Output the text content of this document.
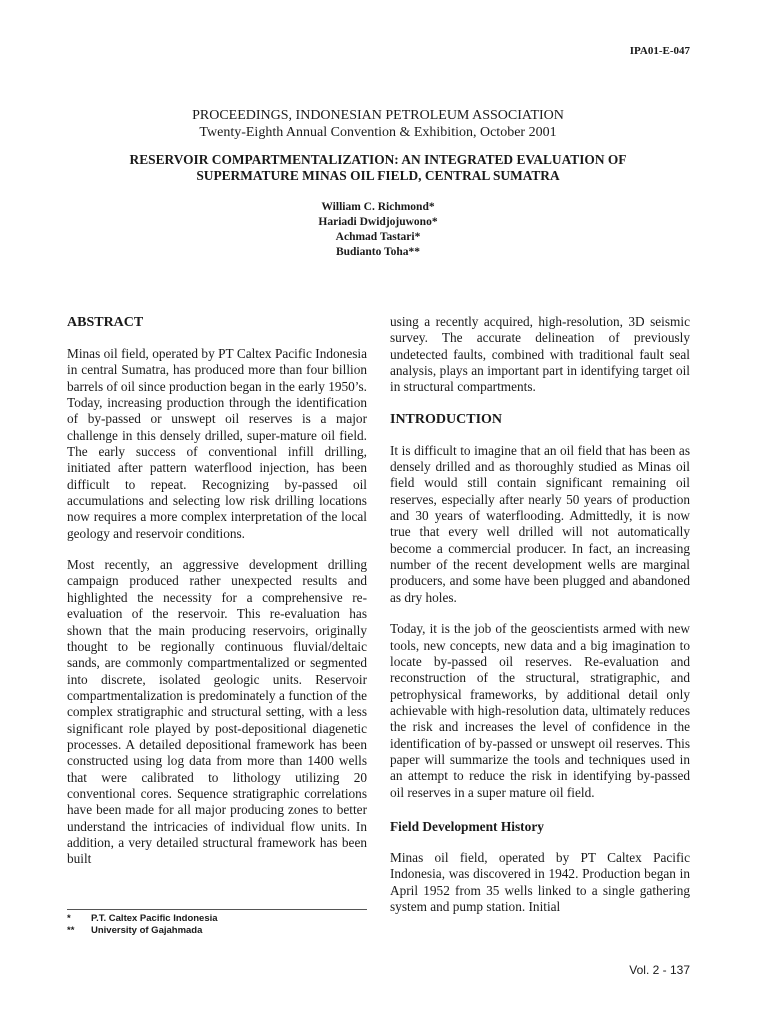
IPA01-E-047
PROCEEDINGS, INDONESIAN PETROLEUM ASSOCIATION
Twenty-Eighth Annual Convention & Exhibition, October 2001
RESERVOIR COMPARTMENTALIZATION: AN INTEGRATED EVALUATION OF
SUPERMATURE MINAS OIL FIELD, CENTRAL SUMATRA
William C. Richmond*
Hariadi Dwidjojuwono*
Achmad Tastari*
Budianto Toha**
ABSTRACT

Minas oil field, operated by PT Caltex Pacific Indonesia in central Sumatra, has produced more than four billion barrels of oil since production began in the early 1950’s. Today, increasing production through the identification of by-passed or unswept oil reserves is a major challenge in this densely drilled, super-mature oil field. The early success of conventional infill drilling, initiated after pattern waterflood injection, has been difficult to repeat. Recognizing by-passed oil accumulations and selecting low risk drilling locations now requires a more complex interpretation of the local geology and reservoir conditions.

Most recently, an aggressive development drilling campaign produced rather unexpected results and highlighted the necessity for a comprehensive re-evaluation of the reservoir. This re-evaluation has shown that the main producing reservoirs, originally thought to be regionally continuous fluvial/deltaic sands, are commonly compartmentalized or segmented into discrete, isolated geologic units. Reservoir compartmentalization is predominately a function of the complex stratigraphic and structural setting, with a less significant role played by post-depositional diagenetic processes. A detailed depositional framework has been constructed using log data from more than 1400 wells that were calibrated to lithology utilizing 20 conventional cores. Sequence stratigraphic correlations have been made for all major producing zones to better understand the intricacies of individual flow units. In addition, a very detailed structural framework has been built

using a recently acquired, high-resolution, 3D seismic survey. The accurate delineation of previously undetected faults, combined with traditional fault seal analysis, plays an important part in identifying target oil in structural compartments.

INTRODUCTION

It is difficult to imagine that an oil field that has been as densely drilled and as thoroughly studied as Minas oil field would still contain significant remaining oil reserves, especially after nearly 50 years of production and 30 years of waterflooding. Admittedly, it is now true that every well drilled will not automatically become a commercial producer. In fact, an increasing number of the recent development wells are marginal producers, and some have been plugged and abandoned as dry holes.

Today, it is the job of the geoscientists armed with new tools, new concepts, new data and a big imagination to locate by-passed oil reserves. Re-evaluation and reconstruction of the structural, stratigraphic, and petrophysical frameworks, by additional detail only achievable with high-resolution data, ultimately reduces the risk and increases the level of confidence in the identification of by-passed or unswept oil reserves. This paper will summarize the tools and techniques used in an attempt to reduce the risk in identifying by-passed oil reserves in a super mature oil field.

Field Development History

Minas oil field, operated by PT Caltex Pacific Indonesia, was discovered in 1942. Production began in April 1952 from 35 wells linked to a single gathering system and pump station. Initial

*	P.T. Caltex Pacific Indonesia
**	University of Gajahmada
Vol. 2 - 137
